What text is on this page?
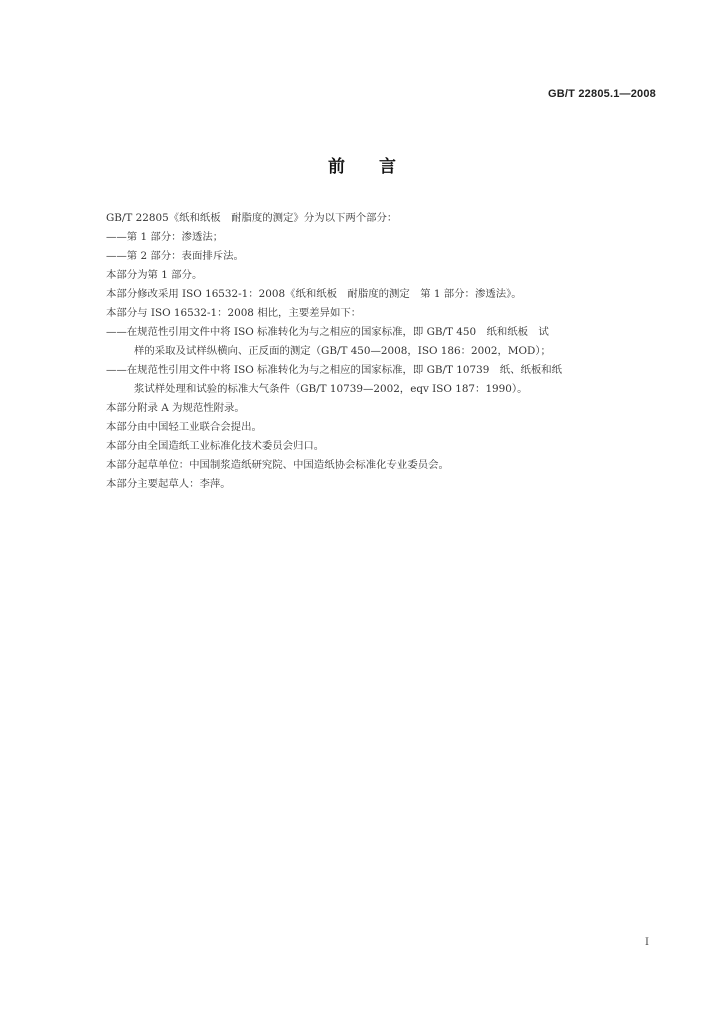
GB/T 22805.1—2008
前言
GB/T 22805《纸和纸板　耐脂度的测定》分为以下两个部分：
——第 1 部分：渗透法；
——第 2 部分：表面排斥法。
本部分为第 1 部分。
本部分修改采用 ISO 16532-1：2008《纸和纸板　耐脂度的测定　第 1 部分：渗透法》。
本部分与 ISO 16532-1：2008 相比，主要差异如下：
——在规范性引用文件中将 ISO 标准转化为与之相应的国家标准，即 GB/T 450　纸和纸板　试
样的采取及试样纵横向、正反面的测定（GB/T 450—2008，ISO 186：2002，MOD）；
——在规范性引用文件中将 ISO 标准转化为与之相应的国家标准，即 GB/T 10739　纸、纸板和纸
浆试样处理和试验的标准大气条件（GB/T 10739—2002，eqv ISO 187：1990）。
本部分附录 A 为规范性附录。
本部分由中国轻工业联合会提出。
本部分由全国造纸工业标准化技术委员会归口。
本部分起草单位：中国制浆造纸研究院、中国造纸协会标准化专业委员会。
本部分主要起草人：李萍。
I
